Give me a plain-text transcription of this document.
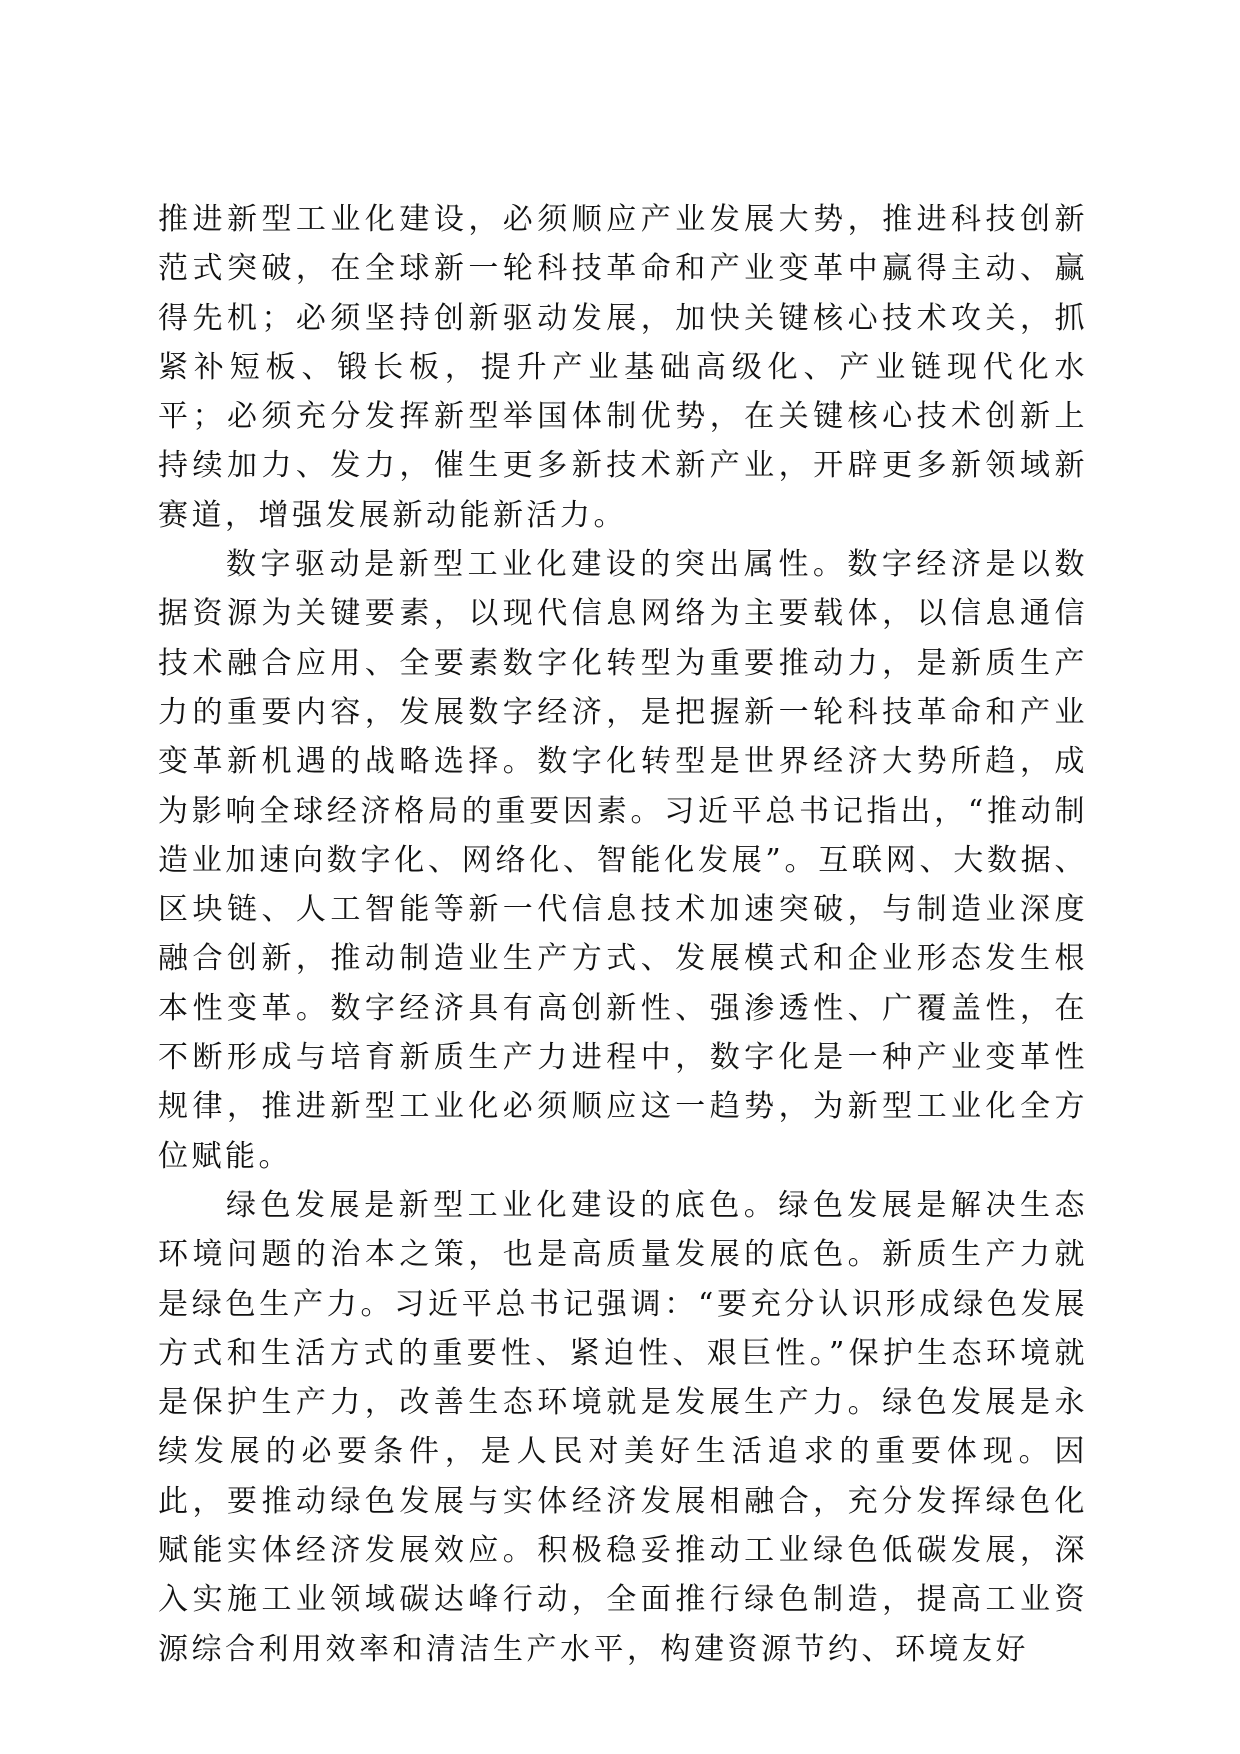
推进新型工业化建设，必须顺应产业发展大势，推进科技创新范式突破，在全球新一轮科技革命和产业变革中赢得主动、赢得先机；必须坚持创新驱动发展，加快关键核心技术攻关，抓紧补短板、锻长板，提升产业基础高级化、产业链现代化水平；必须充分发挥新型举国体制优势，在关键核心技术创新上持续加力、发力，催生更多新技术新产业，开辟更多新领域新赛道，增强发展新动能新活力。

数字驱动是新型工业化建设的突出属性。数字经济是以数据资源为关键要素，以现代信息网络为主要载体，以信息通信技术融合应用、全要素数字化转型为重要推动力，是新质生产力的重要内容，发展数字经济，是把握新一轮科技革命和产业变革新机遇的战略选择。数字化转型是世界经济大势所趋，成为影响全球经济格局的重要因素。习近平总书记指出，“推动制造业加速向数字化、网络化、智能化发展”。互联网、大数据、区块链、人工智能等新一代信息技术加速突破，与制造业深度融合创新，推动制造业生产方式、发展模式和企业形态发生根本性变革。数字经济具有高创新性、强渗透性、广覆盖性，在不断形成与培育新质生产力进程中，数字化是一种产业变革性规律，推进新型工业化必须顺应这一趋势，为新型工业化全方位赋能。

绿色发展是新型工业化建设的底色。绿色发展是解决生态环境问题的治本之策，也是高质量发展的底色。新质生产力就是绿色生产力。习近平总书记强调：“要充分认识形成绿色发展方式和生活方式的重要性、紧迫性、艰巨性。”保护生态环境就是保护生产力，改善生态环境就是发展生产力。绿色发展是永续发展的必要条件，是人民对美好生活追求的重要体现。因此，要推动绿色发展与实体经济发展相融合，充分发挥绿色化赋能实体经济发展效应。积极稳妥推动工业绿色低碳发展，深入实施工业领域碳达峰行动，全面推行绿色制造，提高工业资源综合利用效率和清洁生产水平，构建资源节约、环境友好
